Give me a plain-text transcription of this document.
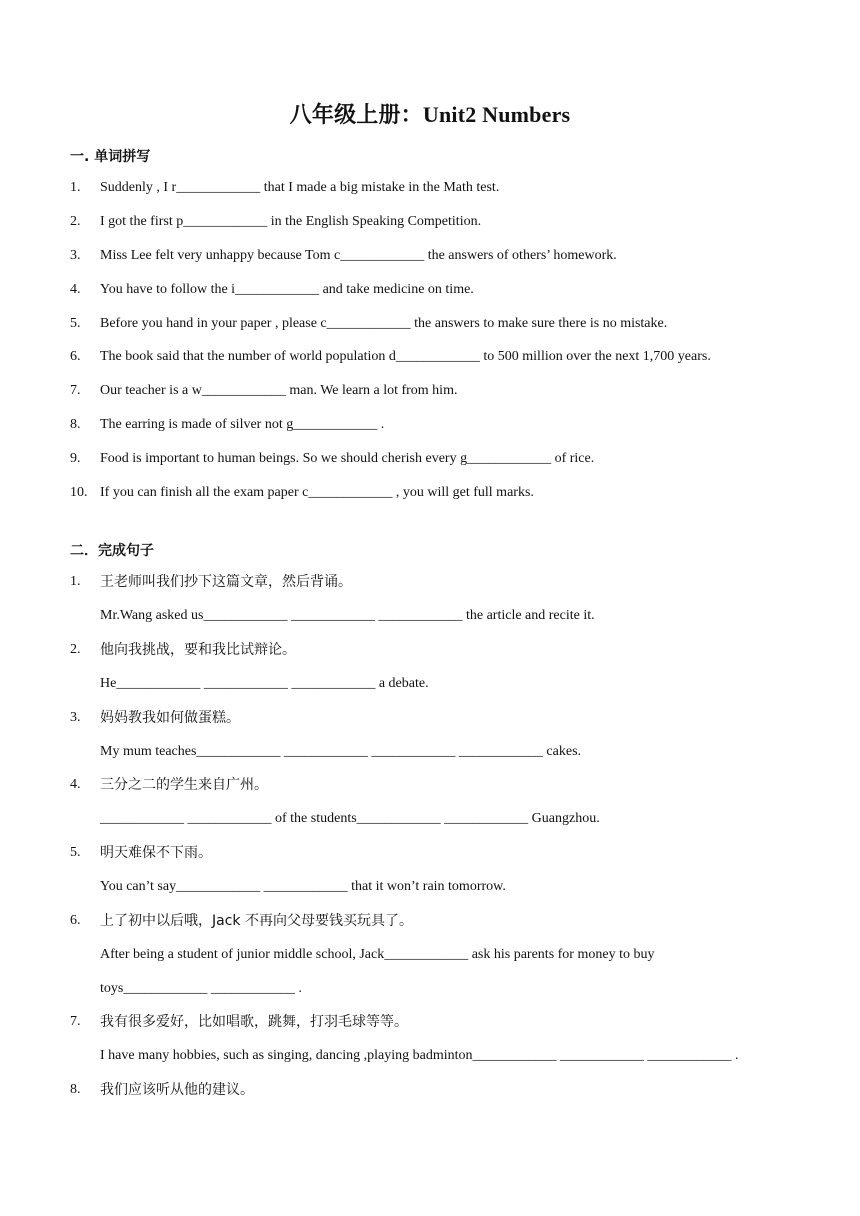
八年级上册：Unit2 Numbers
一. 单词拼写
1. Suddenly , I r____________ that I made a big mistake in the Math test.
2. I got the first p____________ in the English Speaking Competition.
3. Miss Lee felt very unhappy because Tom c____________ the answers of others’ homework.
4. You have to follow the i____________ and take medicine on time.
5. Before you hand in your paper , please c____________ the answers to make sure there is no mistake.
6. The book said that the number of world population d____________ to 500 million over the next 1,700 years.
7. Our teacher is a w____________ man. We learn a lot from him.
8. The earring is made of silver not g____________ .
9. Food is important to human beings. So we should cherish every g____________ of rice.
10. If you can finish all the exam paper c____________ , you will get full marks.
二．完成句子
1. 王老师叫我们抄下这篇文章，然后背诵。
Mr.Wang asked us____________ ____________ ____________ the article and recite it.
2. 他向我挑战，要和我比试辩论。
He____________ ____________ ____________ a debate.
3. 妈妈教我如何做蛋糕。
My mum teaches____________ ____________ ____________ ____________ cakes.
4. 三分之二的学生来自广州。
____________ ____________ of the students____________ ____________ Guangzhou.
5. 明天难保不下雨。
You can’t say____________ ____________ that it won’t rain tomorrow.
6. 上了初中以后哦，Jack 不再向父母要钱买玩具了。
After being a student of junior middle school, Jack____________ ask his parents for money to buy
toys____________ ____________ .
7. 我有很多爱好，比如唱歌，跳舞，打羽毛球等等。
I have many hobbies, such as singing, dancing ,playing badminton____________ ____________ ____________ .
8. 我们应该听从他的建议。
